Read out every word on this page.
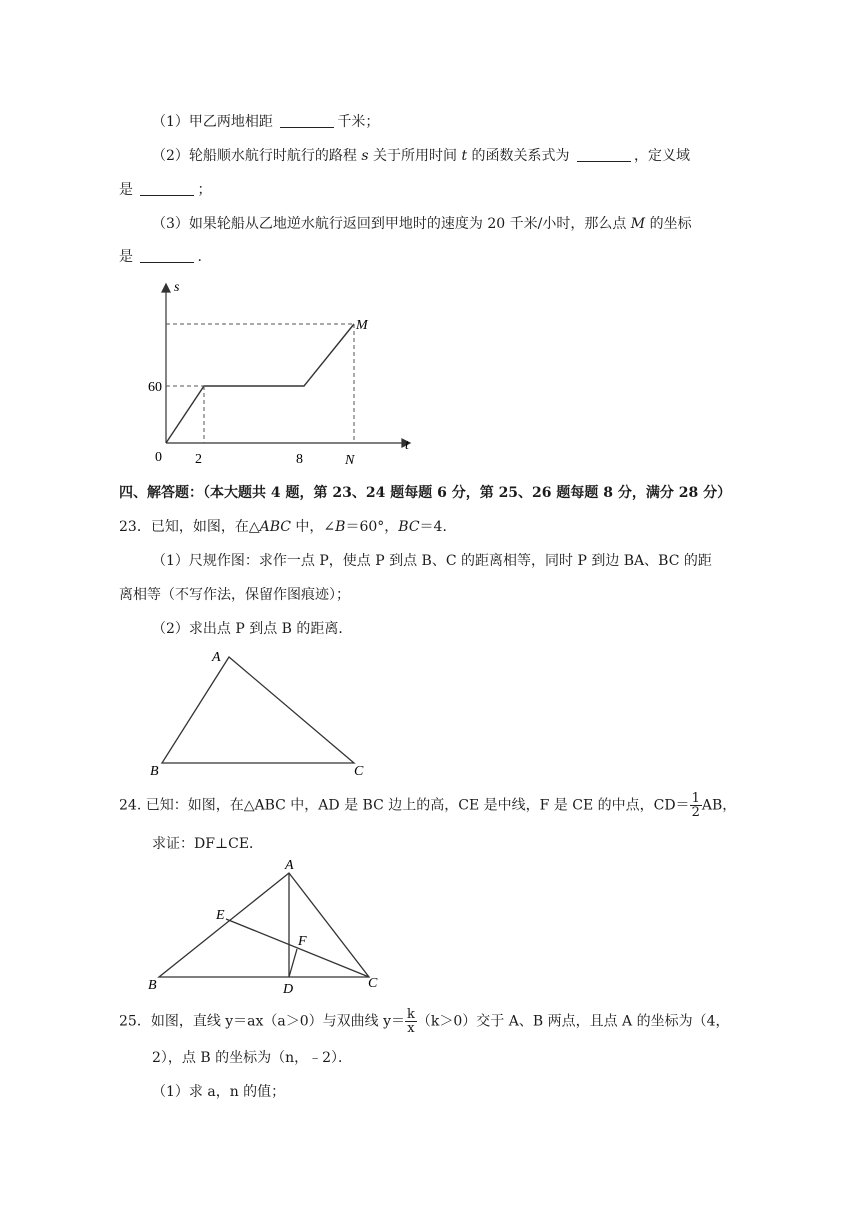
（1）甲乙两地相距	千米；
（2）轮船顺水航行时航行的路程 s 关于所用时间 t 的函数关系式为	，定义域
是	；
（3）如果轮船从乙地逆水航行返回到甲地时的速度为 20 千米/小时，那么点 M 的坐标
是	.
s
t
60
0 2	8	N
M
四、解答题：（本大题共 4 题，第 23、24 题每题 6 分，第 25、26 题每题 8 分，满分 28 分）
23．已知，如图，在△ABC 中，∠B＝60°，BC＝4．
（1）尺规作图：求作一点 P，使点 P 到点 B、C 的距离相等，同时 P 到边 BA、BC 的距
离相等（不写作法，保留作图痕迹）；
（2）求出点 P 到点 B 的距离．
A
B	C
24. 已知：如图，在△ABC 中，AD 是 BC 边上的高，CE 是中线，F 是 CE 的中点，$CD= \frac{1}{2}$ AB，
求证：DF⊥CE．
A
B	C
D
E
F
25．如图，直线 y＝ax（a＞0）与双曲线 $y= \frac{k}{x} (k>0)$交于 A、B 两点，且点 A 的坐标为（4，
2），点 B 的坐标为（n，﹣2）．
（1）求 a，n 的值；
